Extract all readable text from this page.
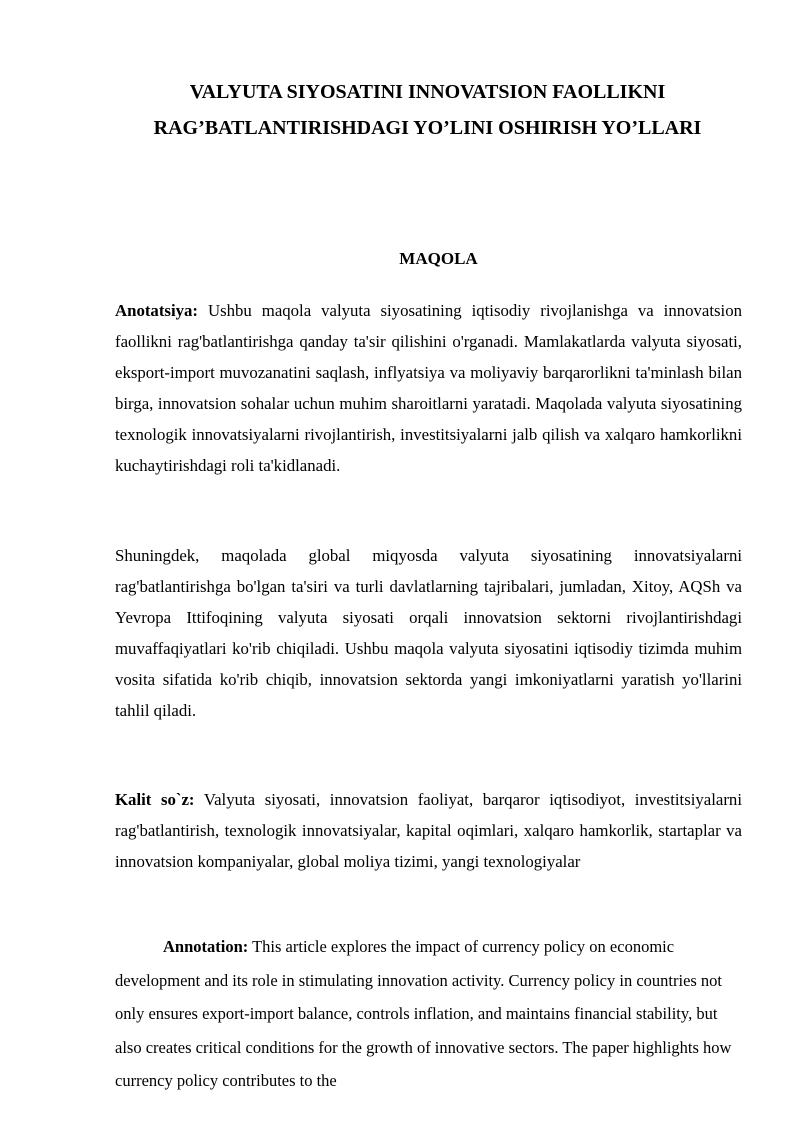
VALYUTA SIYOSATINI INNOVATSION FAOLLIKNI
RAG’BATLANTIRISHDAGI YO’LINI OSHIRISH YO’LLARI
MAQOLA

Anotatsiya: Ushbu maqola valyuta siyosatining iqtisodiy rivojlanishga va innovatsion faollikni rag'batlantirishga qanday ta'sir qilishini o'rganadi. Mamlakatlarda valyuta siyosati, eksport-import muvozanatini saqlash, inflyatsiya va moliyaviy barqarorlikni ta'minlash bilan birga, innovatsion sohalar uchun muhim sharoitlarni yaratadi. Maqolada valyuta siyosatining texnologik innovatsiyalarni rivojlantirish, investitsiyalarni jalb qilish va xalqaro hamkorlikni kuchaytirishdagi roli ta'kidlanadi.

Shuningdek, maqolada global miqyosda valyuta siyosatining innovatsiyalarni rag'batlantirishga bo'lgan ta'siri va turli davlatlarning tajribalari, jumladan, Xitoy, AQSh va Yevropa Ittifoqining valyuta siyosati orqali innovatsion sektorni rivojlantirishdagi muvaffaqiyatlari ko'rib chiqiladi. Ushbu maqola valyuta siyosatini iqtisodiy tizimda muhim vosita sifatida ko'rib chiqib, innovatsion sektorda yangi imkoniyatlarni yaratish yo'llarini tahlil qiladi.

Kalit so`z: Valyuta siyosati, innovatsion faoliyat, barqaror iqtisodiyot, investitsiyalarni rag'batlantirish, texnologik innovatsiyalar, kapital oqimlari, xalqaro hamkorlik, startaplar va innovatsion kompaniyalar, global moliya tizimi, yangi texnologiyalar

Annotation: This article explores the impact of currency policy on economic development and its role in stimulating innovation activity. Currency policy in countries not only ensures export-import balance, controls inflation, and maintains financial stability, but also creates critical conditions for the growth of innovative sectors. The paper highlights how currency policy contributes to the
